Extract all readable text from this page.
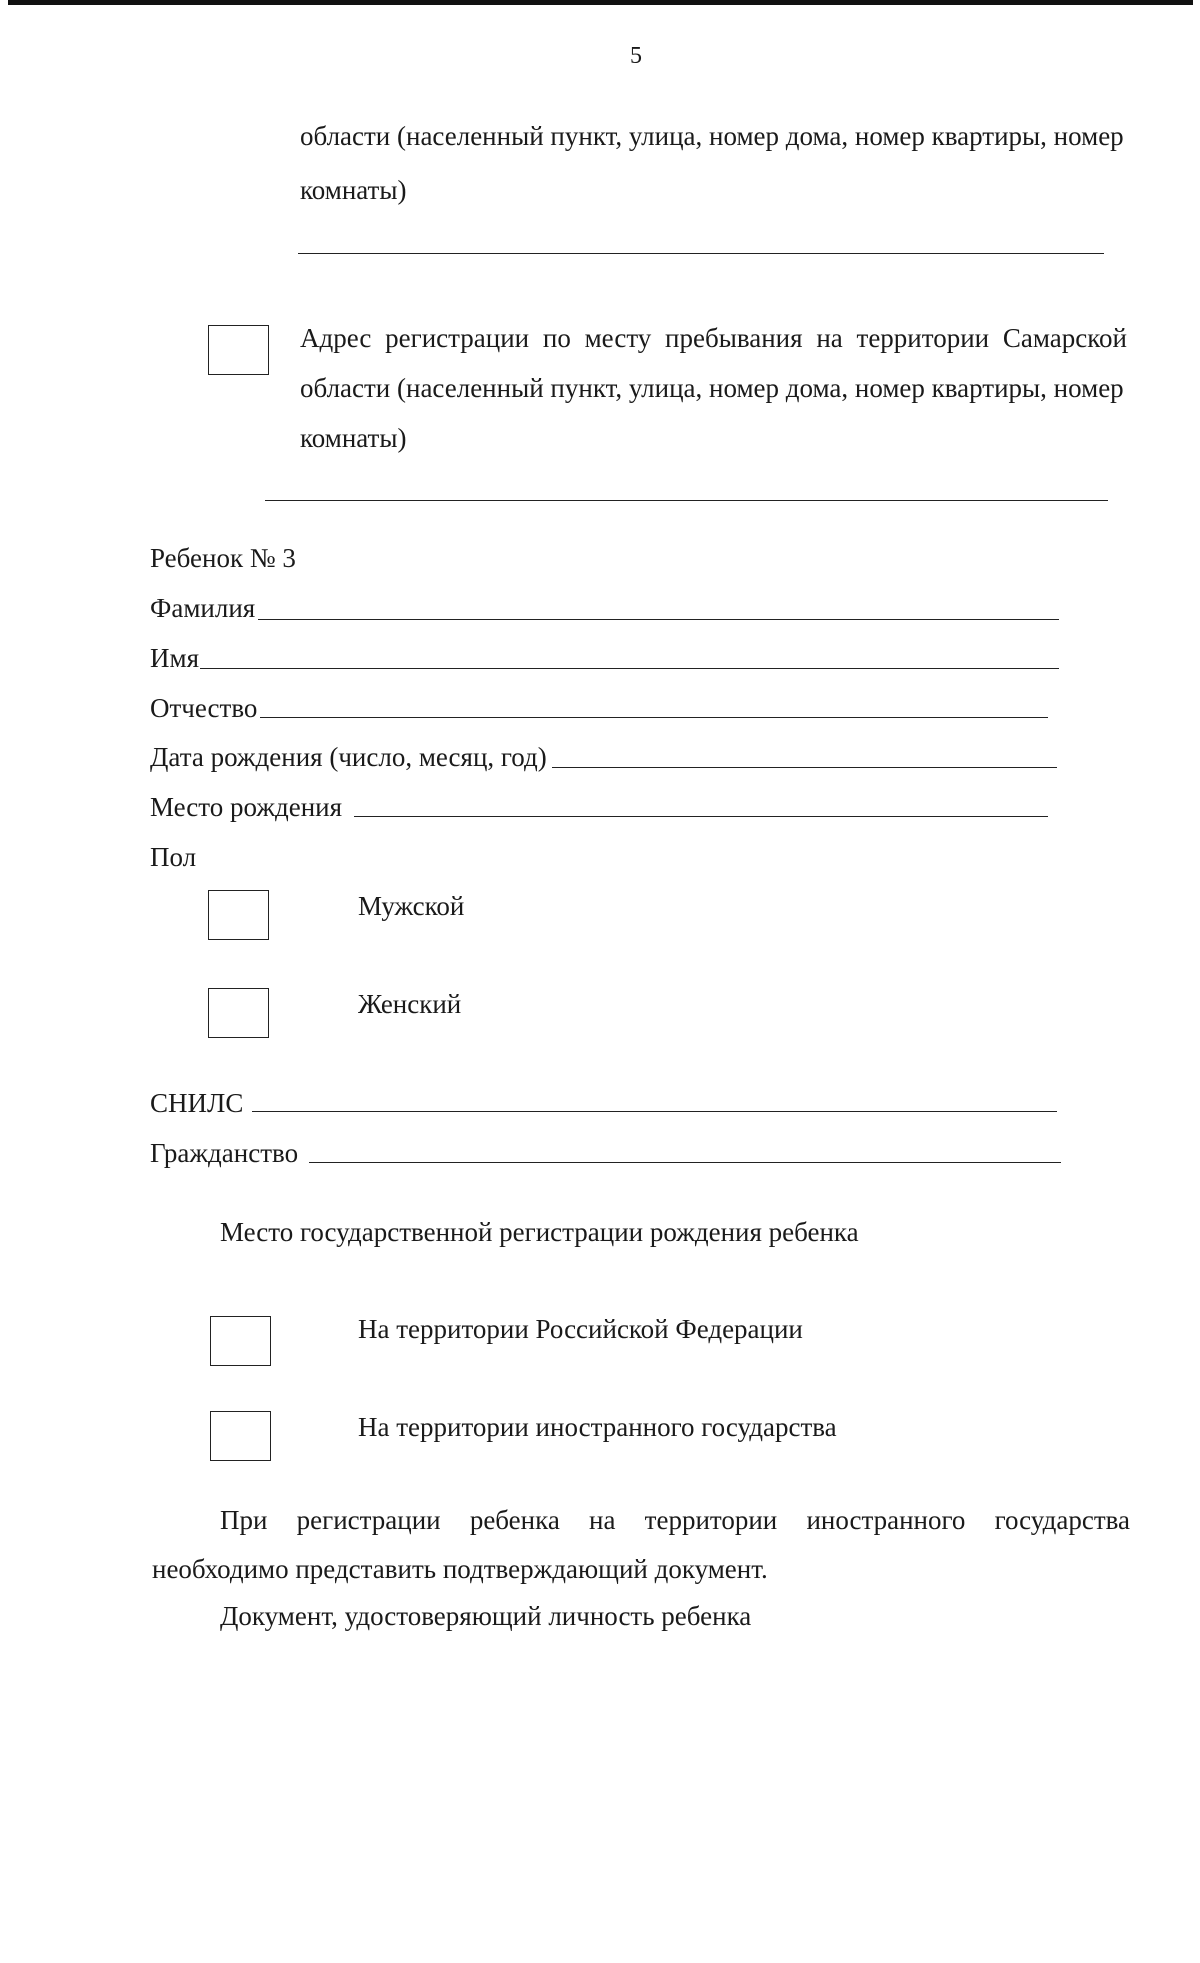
5
области (населенный пункт, улица, номер дома, номер квартиры, номер
комнаты)
Адрес регистрации по месту пребывания на территории Самарской
области (населенный пункт, улица, номер дома, номер квартиры, номер
комнаты)
Ребенок № 3
Фамилия
Имя
Отчество
Дата рождения (число, месяц, год)
Место рождения
Пол
Мужской
Женский
СНИЛС
Гражданство
Место государственной регистрации рождения ребенка
На территории Российской Федерации
На территории иностранного государства
При регистрации ребенка на территории иностранного государства
необходимо представить подтверждающий документ.
Документ, удостоверяющий личность ребенка
